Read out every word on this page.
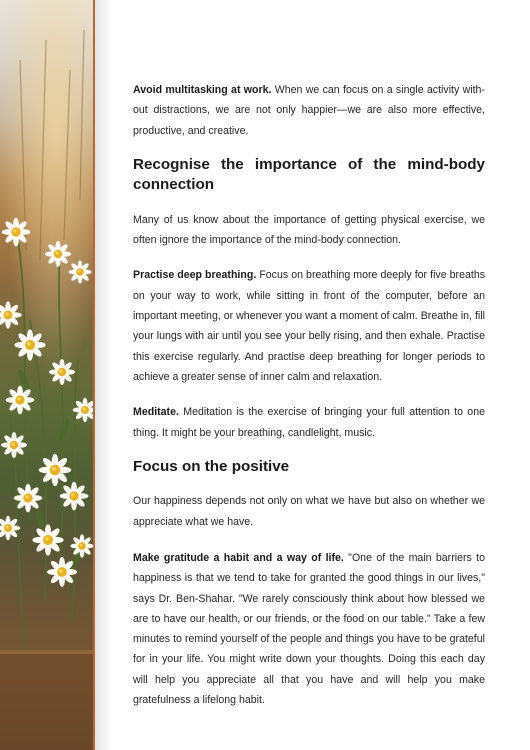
Avoid multitasking at work. When we can focus on a single activity without distractions, we are not only happier—we are also more effective, productive, and creative.

Recognise the importance of the mind-body connection

Many of us know about the importance of getting physical exercise, we often ignore the importance of the mind-body connection.

Practise deep breathing. Focus on breathing more deeply for five breaths on your way to work, while sitting in front of the computer, before an important meeting, or whenever you want a moment of calm. Breathe in, fill your lungs with air until you see your belly rising, and then exhale. Practise this exercise regularly. And practise deep breathing for longer periods to achieve a greater sense of inner calm and relaxation.

Meditate. Meditation is the exercise of bringing your full attention to one thing. It might be your breathing, candlelight, music.

Focus on the positive

Our happiness depends not only on what we have but also on whether we appreciate what we have.

Make gratitude a habit and a way of life. "One of the main barriers to happiness is that we tend to take for granted the good things in our lives," says Dr. Ben-Shahar. "We rarely consciously think about how blessed we are to have our health, or our friends, or the food on our table." Take a few minutes to remind yourself of the people and things you have to be grateful for in your life. You might write down your thoughts. Doing this each day will help you appreciate all that you have and will help you make gratefulness a lifelong habit.
